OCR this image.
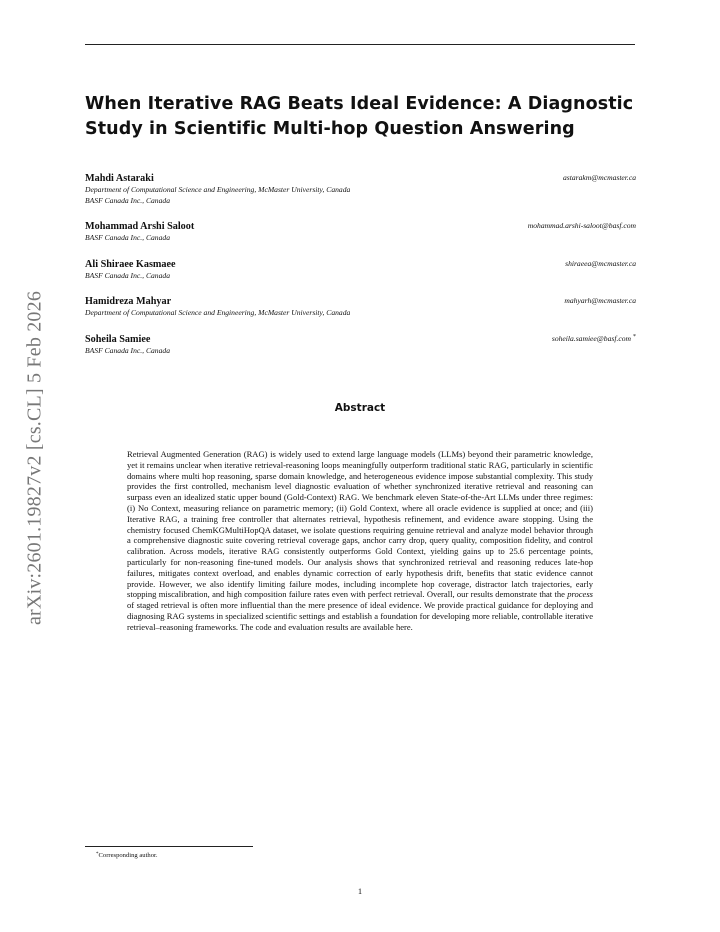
arXiv:2601.19827v2 [cs.CL] 5 Feb 2026
When Iterative RAG Beats Ideal Evidence: A Diagnostic Study in Scientific Multi-hop Question Answering
Mahdi Astaraki	astarakm@mcmaster.ca
Department of Computational Science and Engineering, McMaster University, Canada
BASF Canada Inc., Canada
Mohammad Arshi Saloot	mohammad.arshi-saloot@basf.com
BASF Canada Inc., Canada
Ali Shiraee Kasmaee	shiraeea@mcmaster.ca
BASF Canada Inc., Canada
Hamidreza Mahyar	mahyarh@mcmaster.ca
Department of Computational Science and Engineering, McMaster University, Canada
Soheila Samiee	soheila.samiee@basf.com *
BASF Canada Inc., Canada
Abstract

Retrieval Augmented Generation (RAG) is widely used to extend large language models (LLMs) beyond their parametric knowledge, yet it remains unclear when iterative retrieval-reasoning loops meaningfully outperform traditional static RAG, particularly in scientific domains where multi hop reasoning, sparse domain knowledge, and heterogeneous evidence impose substantial complexity. This study provides the first controlled, mechanism level diagnostic evaluation of whether synchronized iterative retrieval and reasoning can surpass even an idealized static upper bound (Gold-Context) RAG. We benchmark eleven State-of-the-Art LLMs under three regimes: (i) No Context, measuring reliance on parametric memory; (ii) Gold Context, where all oracle evidence is supplied at once; and (iii) Iterative RAG, a training free controller that alternates retrieval, hypothesis refinement, and evidence aware stopping. Using the chemistry focused ChemKGMultiHopQA dataset, we isolate questions requiring genuine retrieval and analyze model behavior through a comprehensive diagnostic suite covering retrieval coverage gaps, anchor carry drop, query quality, composition fidelity, and control calibration. Across models, iterative RAG consistently outperforms Gold Context, yielding gains up to 25.6 percentage points, particularly for non-reasoning fine-tuned models. Our analysis shows that synchronized retrieval and reasoning reduces late-hop failures, mitigates context overload, and enables dynamic correction of early hypothesis drift, benefits that static evidence cannot provide. However, we also identify limiting failure modes, including incomplete hop coverage, distractor latch trajectories, early stopping miscalibration, and high composition failure rates even with perfect retrieval. Overall, our results demonstrate that the process of staged retrieval is often more influential than the mere presence of ideal evidence. We provide practical guidance for deploying and diagnosing RAG systems in specialized scientific settings and establish a foundation for developing more reliable, controllable iterative retrieval–reasoning frameworks. The code and evaluation results are available here.

*Corresponding author.
1
